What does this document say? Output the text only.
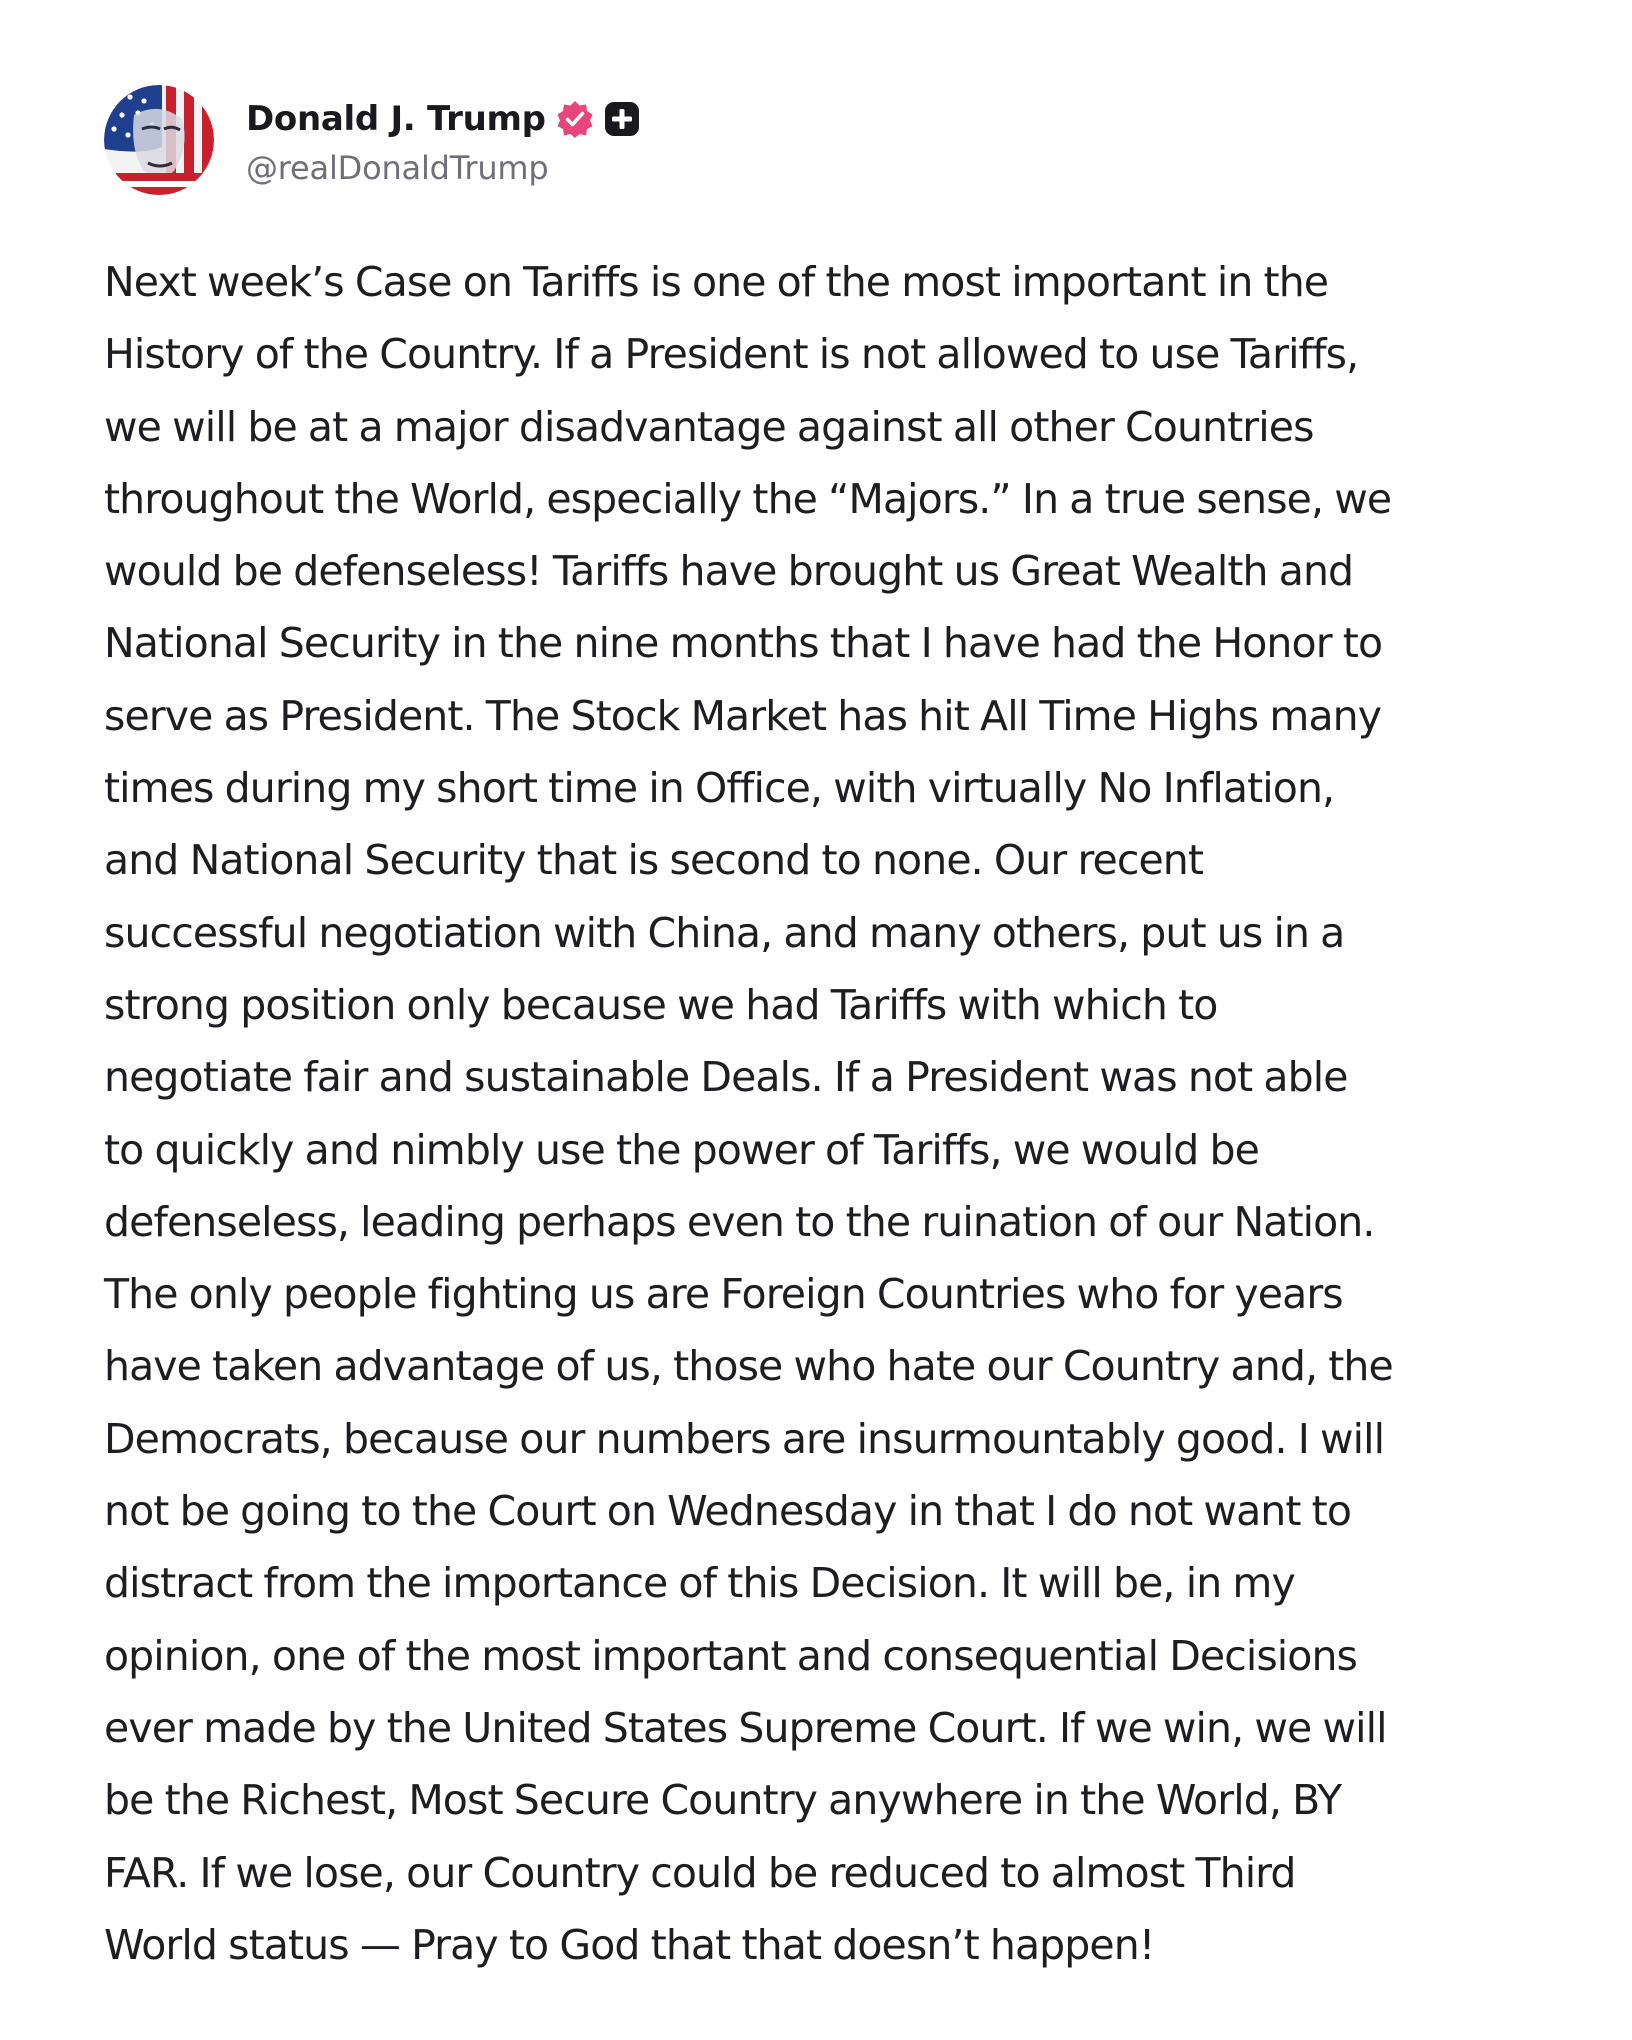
Donald J. Trump
@realDonaldTrump
Next week’s Case on Tariffs is one of the most important in the
History of the Country. If a President is not allowed to use Tariffs,
we will be at a major disadvantage against all other Countries
throughout the World, especially the “Majors.” In a true sense, we
would be defenseless! Tariffs have brought us Great Wealth and
National Security in the nine months that I have had the Honor to
serve as President. The Stock Market has hit All Time Highs many
times during my short time in Office, with virtually No Inflation,
and National Security that is second to none. Our recent
successful negotiation with China, and many others, put us in a
strong position only because we had Tariffs with which to
negotiate fair and sustainable Deals. If a President was not able
to quickly and nimbly use the power of Tariffs, we would be
defenseless, leading perhaps even to the ruination of our Nation.
The only people fighting us are Foreign Countries who for years
have taken advantage of us, those who hate our Country and, the
Democrats, because our numbers are insurmountably good. I will
not be going to the Court on Wednesday in that I do not want to
distract from the importance of this Decision. It will be, in my
opinion, one of the most important and consequential Decisions
ever made by the United States Supreme Court. If we win, we will
be the Richest, Most Secure Country anywhere in the World, BY
FAR. If we lose, our Country could be reduced to almost Third
World status — Pray to God that that doesn’t happen!
